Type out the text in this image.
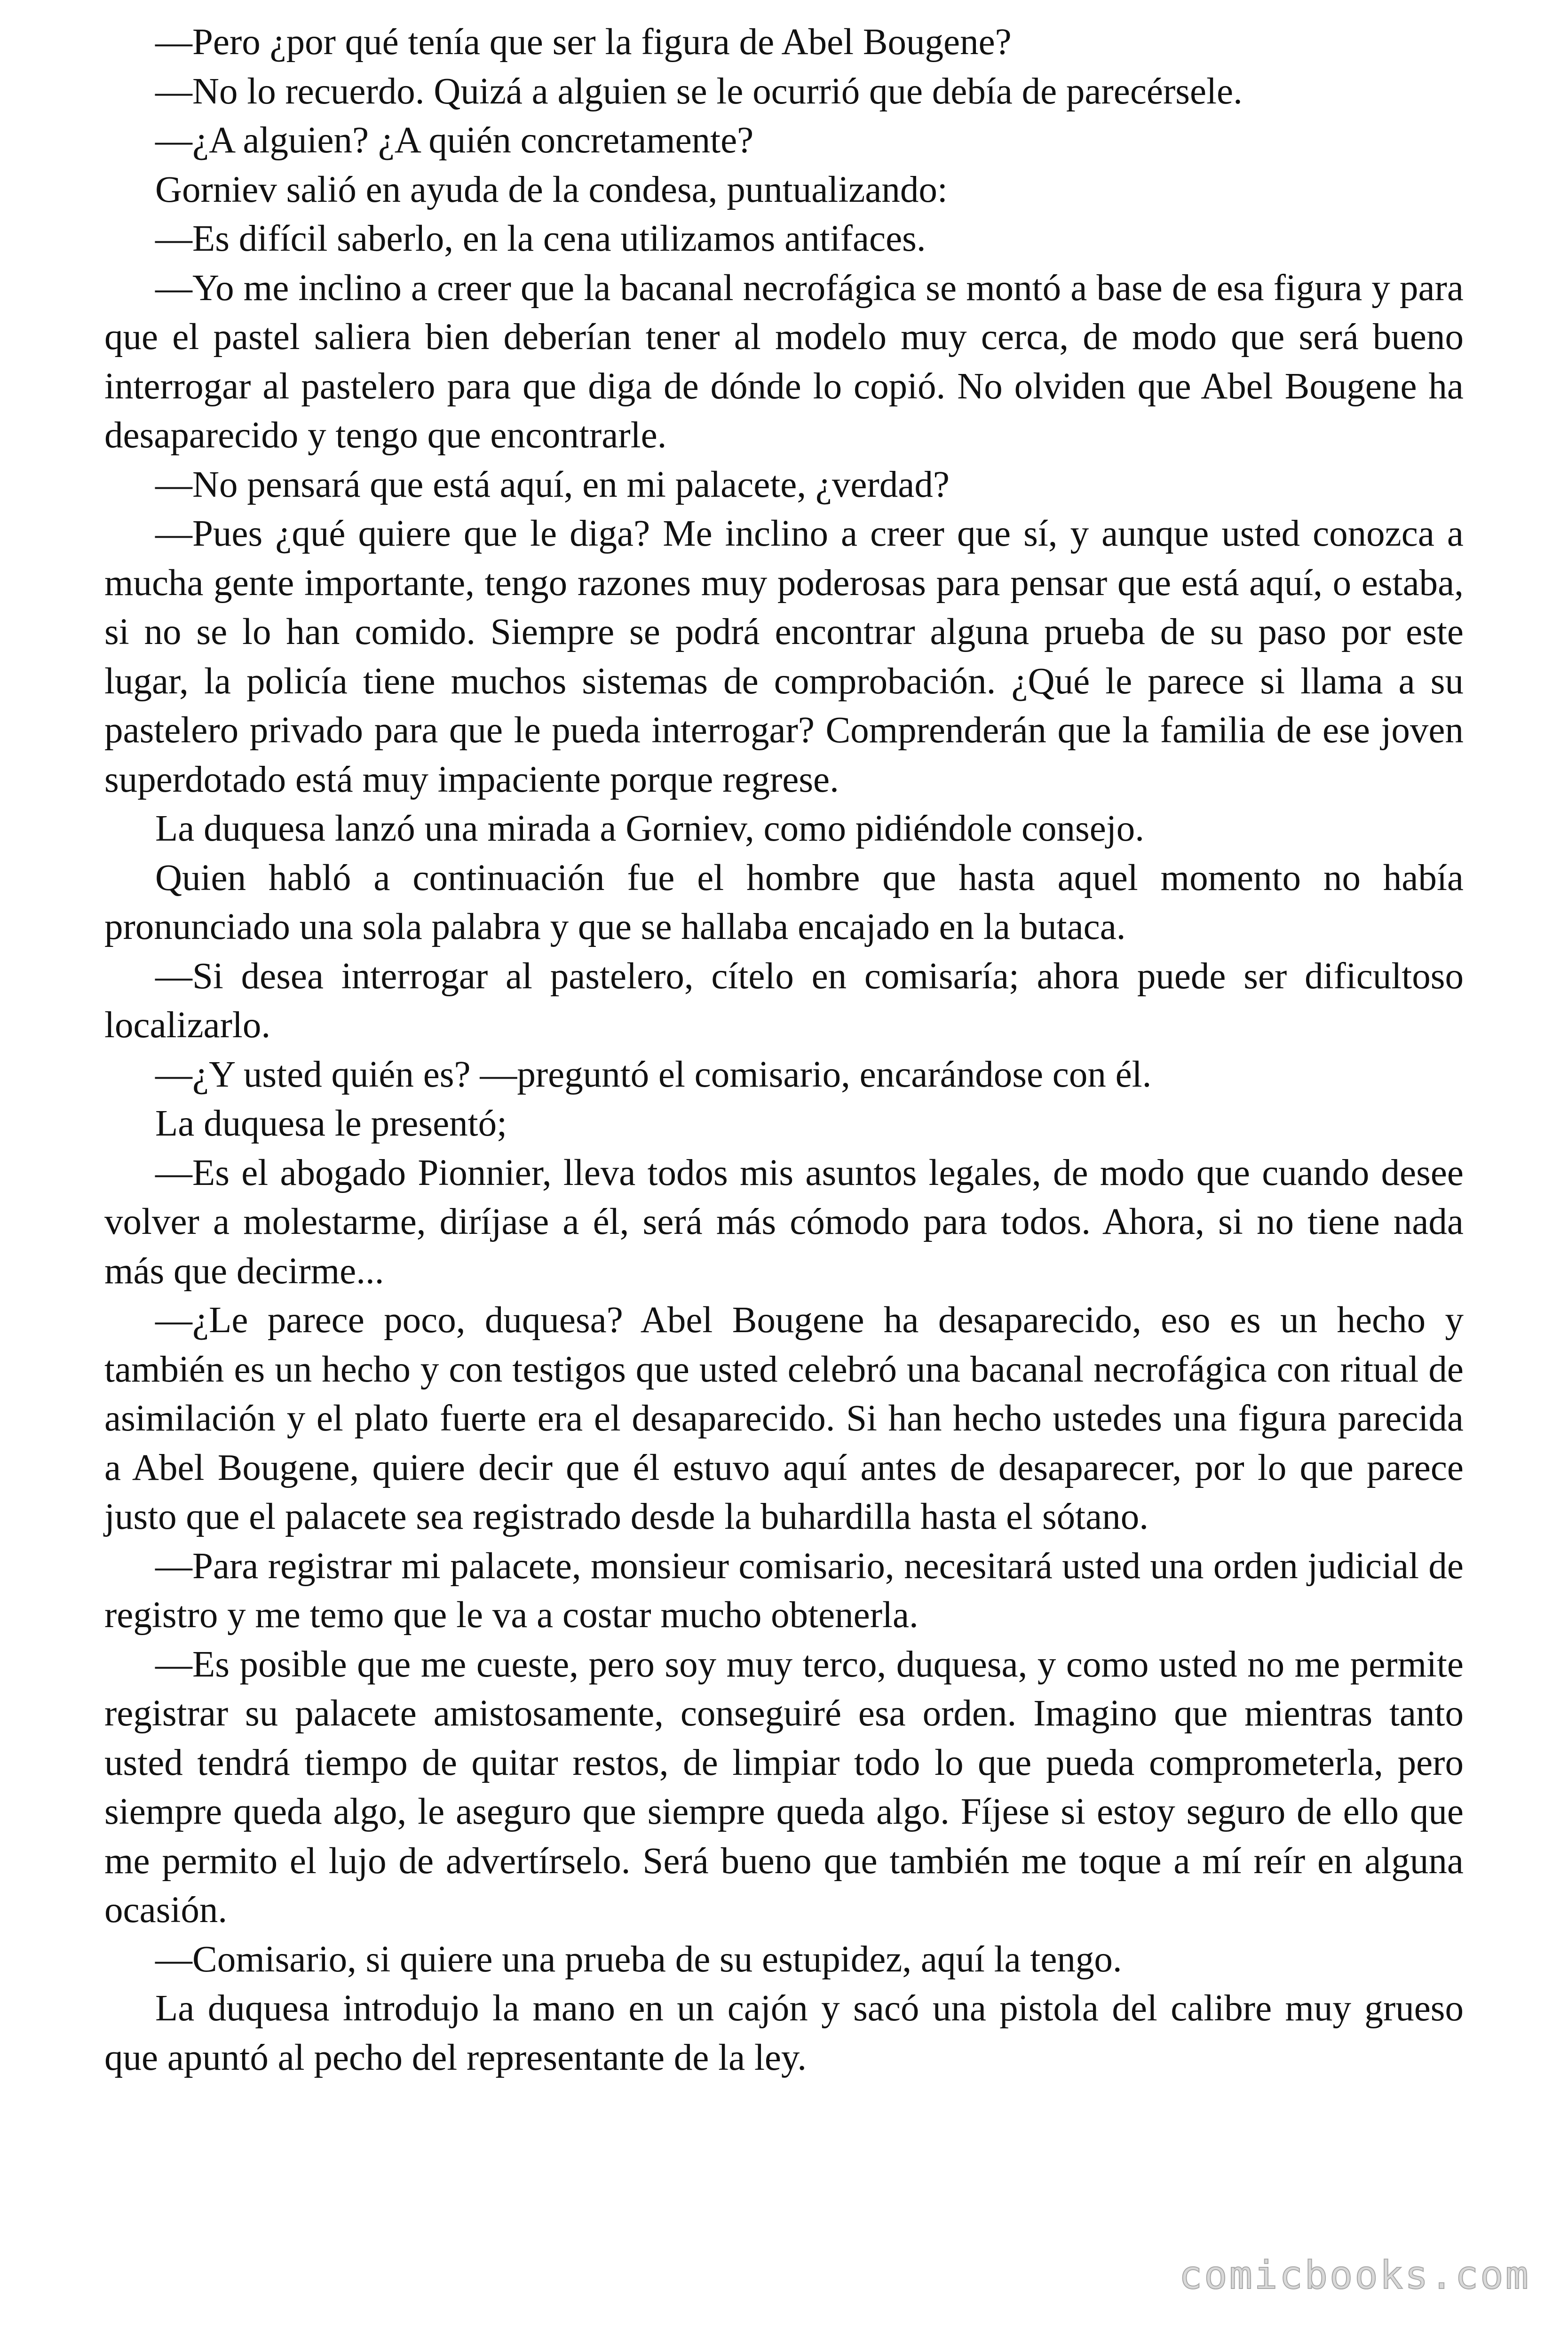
—Pero ¿por qué tenía que ser la figura de Abel Bougene?

—No lo recuerdo. Quizá a alguien se le ocurrió que debía de parecérsele.

—¿A alguien? ¿A quién concretamente?

Gorniev salió en ayuda de la condesa, puntualizando:

—Es difícil saberlo, en la cena utilizamos antifaces.

—Yo me inclino a creer que la bacanal necrofágica se montó a base de esa figura y para que el pastel saliera bien deberían tener al modelo muy cerca, de modo que será bueno interrogar al pastelero para que diga de dónde lo copió. No olviden que Abel Bougene ha desaparecido y tengo que encontrarle.

—No pensará que está aquí, en mi palacete, ¿verdad?

—Pues ¿qué quiere que le diga? Me inclino a creer que sí, y aunque usted conozca a mucha gente importante, tengo razones muy poderosas para pensar que está aquí, o estaba, si no se lo han comido. Siempre se podrá encontrar alguna prueba de su paso por este lugar, la policía tiene muchos sistemas de comprobación. ¿Qué le parece si llama a su pastelero privado para que le pueda interrogar? Comprenderán que la familia de ese joven superdotado está muy impaciente porque regrese.

La duquesa lanzó una mirada a Gorniev, como pidiéndole consejo.

Quien habló a continuación fue el hombre que hasta aquel momento no había pronunciado una sola palabra y que se hallaba encajado en la butaca.

—Si desea interrogar al pastelero, cítelo en comisaría; ahora puede ser dificultoso localizarlo.

—¿Y usted quién es? —preguntó el comisario, encarándose con él.

La duquesa le presentó;

—Es el abogado Pionnier, lleva todos mis asuntos legales, de modo que cuando desee volver a molestarme, diríjase a él, será más cómodo para todos. Ahora, si no tiene nada más que decirme...

—¿Le parece poco, duquesa? Abel Bougene ha desaparecido, eso es un hecho y también es un hecho y con testigos que usted celebró una bacanal necrofágica con ritual de asimilación y el plato fuerte era el desaparecido. Si han hecho ustedes una figura parecida a Abel Bougene, quiere decir que él estuvo aquí antes de desaparecer, por lo que parece justo que el palacete sea registrado desde la buhardilla hasta el sótano.

—Para registrar mi palacete, monsieur comisario, necesitará usted una orden judicial de registro y me temo que le va a costar mucho obtenerla.

—Es posible que me cueste, pero soy muy terco, duquesa, y como usted no me permite registrar su palacete amistosamente, conseguiré esa orden. Imagino que mientras tanto usted tendrá tiempo de quitar restos, de limpiar todo lo que pueda comprometerla, pero siempre queda algo, le aseguro que siempre queda algo. Fíjese si estoy seguro de ello que me permito el lujo de advertírselo. Será bueno que también me toque a mí reír en alguna ocasión.

—Comisario, si quiere una prueba de su estupidez, aquí la tengo.

La duquesa introdujo la mano en un cajón y sacó una pistola del calibre muy grueso que apuntó al pecho del representante de la ley.

comicbooks.com
